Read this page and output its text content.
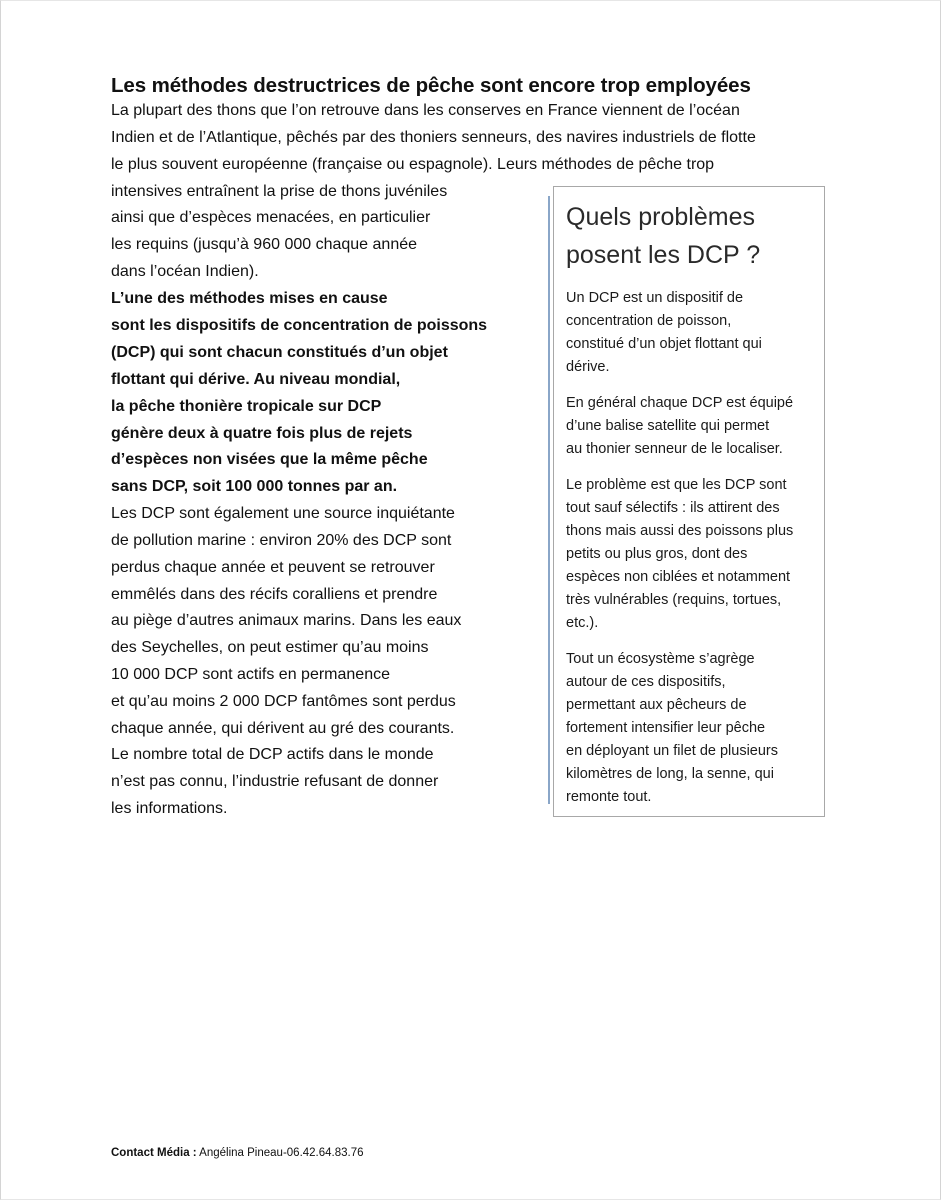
Les méthodes destructrices de pêche sont encore trop employées

La plupart des thons que l’on retrouve dans les conserves en France viennent de l’océan

Indien et de l’Atlantique, pêchés par des thoniers senneurs, des navires industriels de flotte

le plus souvent européenne (française ou espagnole). Leurs méthodes de pêche trop

intensives entraînent la prise de thons juvéniles

ainsi que d’espèces menacées, en particulier

les requins (jusqu’à 960 000 chaque année

dans l’océan Indien).

L’une des méthodes mises en cause

sont les dispositifs de concentration de poissons

(DCP) qui sont chacun constitués d’un objet

flottant qui dérive. Au niveau mondial,

la pêche thonière tropicale sur DCP

génère deux à quatre fois plus de rejets

d’espèces non visées que la même pêche

sans DCP, soit 100 000 tonnes par an.

Les DCP sont également une source inquiétante

de pollution marine : environ 20% des DCP sont

perdus chaque année et peuvent se retrouver

emmêlés dans des récifs coralliens et prendre

au piège d’autres animaux marins. Dans les eaux

des Seychelles, on peut estimer qu’au moins

10 000 DCP sont actifs en permanence

et qu’au moins 2 000 DCP fantômes sont perdus

chaque année, qui dérivent au gré des courants.

Le nombre total de DCP actifs dans le monde

n’est pas connu, l’industrie refusant de donner

les informations.

Quels problèmes

posent les DCP ?

Un DCP est un dispositif de

concentration de poisson,

constitué d’un objet flottant qui

dérive.

En général chaque DCP est équipé

d’une balise satellite qui permet

au thonier senneur de le localiser.

Le problème est que les DCP sont

tout sauf sélectifs : ils attirent des

thons mais aussi des poissons plus

petits ou plus gros, dont des

espèces non ciblées et notamment

très vulnérables (requins, tortues,

etc.).

Tout un écosystème s’agrège

autour de ces dispositifs,

permettant aux pêcheurs de

fortement intensifier leur pêche

en déployant un filet de plusieurs

kilomètres de long, la senne, qui

remonte tout.

Contact Média : Angélina Pineau-06.42.64.83.76
